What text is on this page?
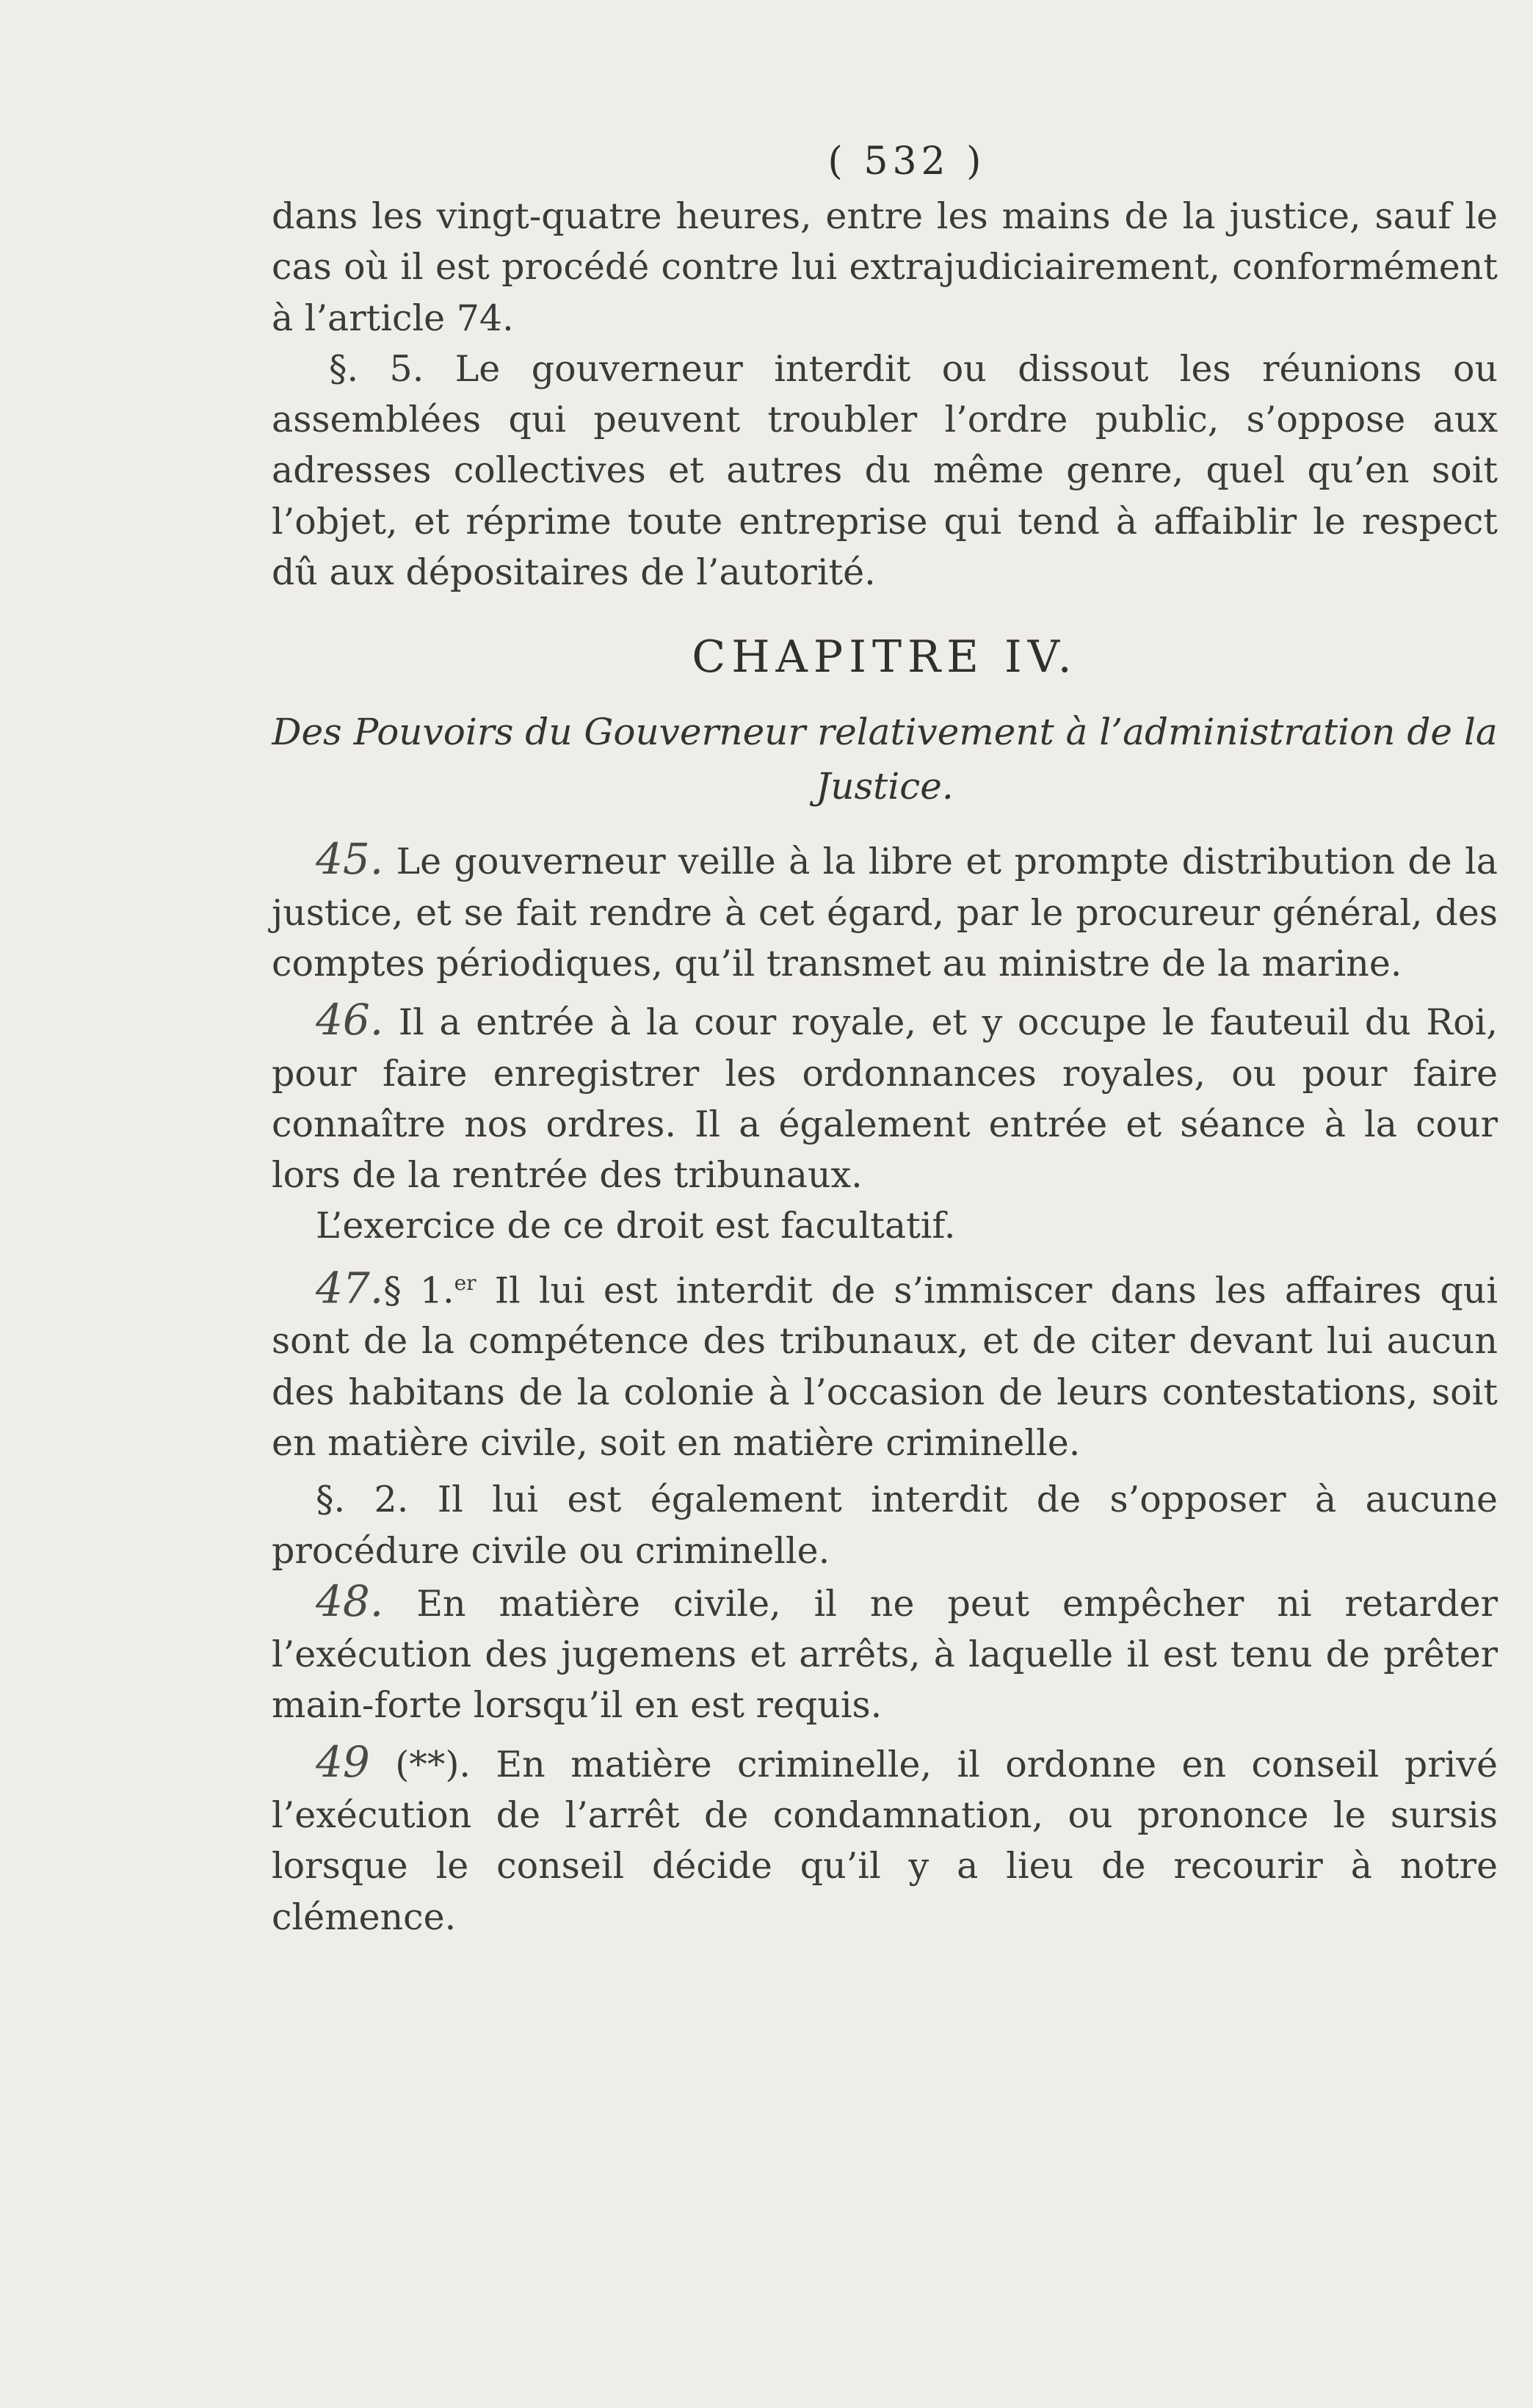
( 532 )

dans les vingt-quatre heures, entre les mains de la justice, sauf le cas où il est procédé contre lui extrajudiciairement, conformément à l’article 74.

§. 5. Le gouverneur interdit ou dissout les réunions ou assemblées qui peuvent troubler l’ordre public, s’oppose aux adresses collectives et autres du même genre, quel qu’en soit l’objet, et réprime toute entreprise qui tend à affaiblir le respect dû aux dépositaires de l’autorité.

CHAPITRE IV.
Des Pouvoirs du Gouverneur relativement à l’administration de la Justice.

45. Le gouverneur veille à la libre et prompte distribution de la justice, et se fait rendre à cet égard, par le procureur général, des comptes périodiques, qu’il transmet au ministre de la marine.

46. Il a entrée à la cour royale, et y occupe le fauteuil du Roi, pour faire enregistrer les ordonnances royales, ou pour faire connaître nos ordres. Il a également entrée et séance à la cour lors de la rentrée des tribunaux.

L’exercice de ce droit est facultatif.

47.§ 1.$^{er}$ Il lui est interdit de s’immiscer dans les affaires qui sont de la compétence des tribunaux, et de citer devant lui aucun des habitans de la colonie à l’occasion de leurs contestations, soit en matière civile, soit en matière criminelle.

§. 2. Il lui est également interdit de s’opposer à aucune procédure civile ou criminelle.

48. En matière civile, il ne peut empêcher ni retarder l’exécution des jugemens et arrêts, à laquelle il est tenu de prêter main-forte lorsqu’il en est requis.

49 (**). En matière criminelle, il ordonne en conseil privé l’exécution de l’arrêt de condamnation, ou prononce le sursis lorsque le conseil décide qu’il y a lieu de recourir à notre clémence.
